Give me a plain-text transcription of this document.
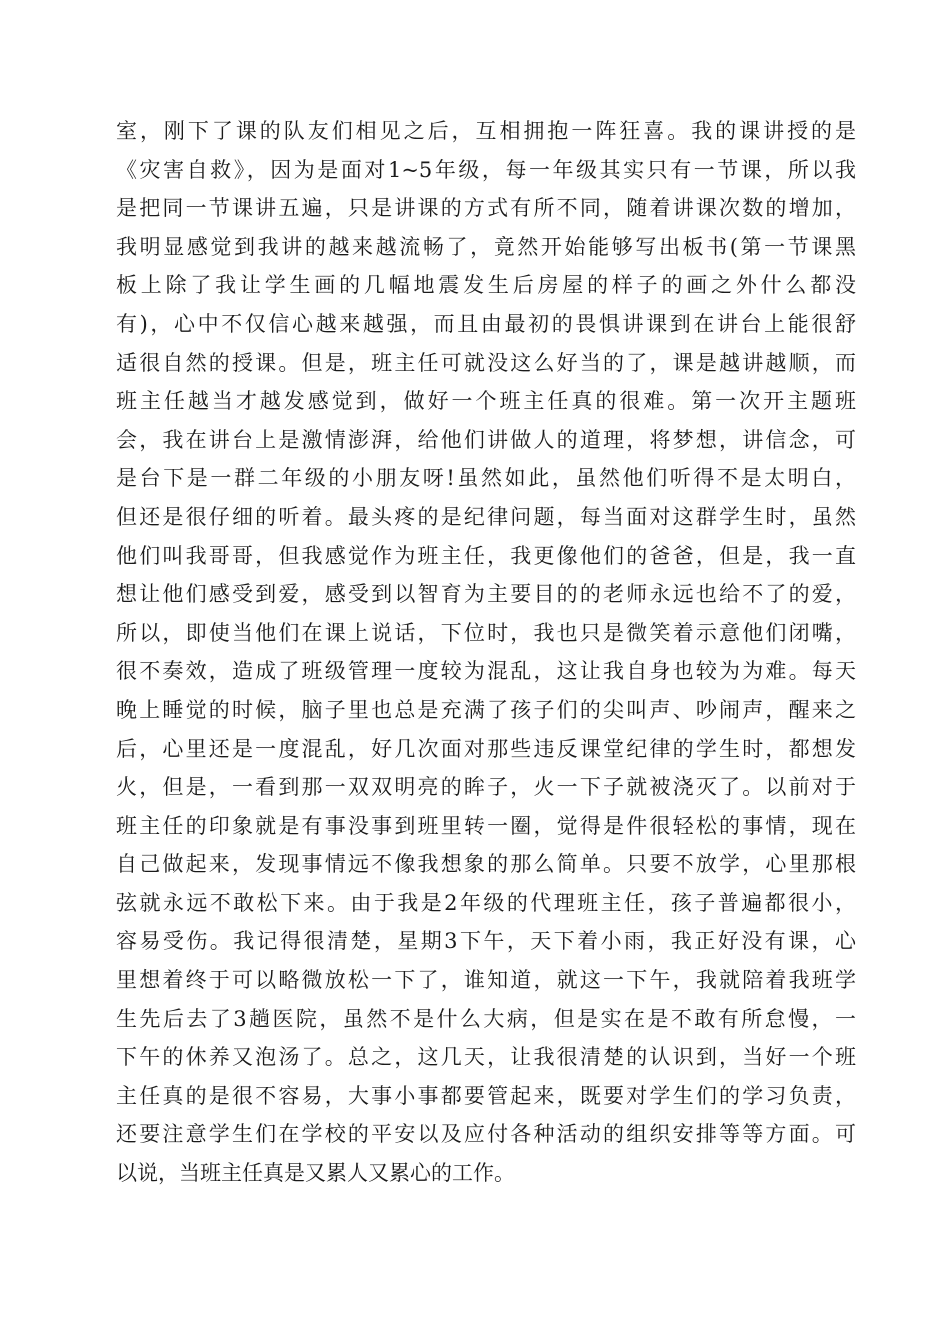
室，刚下了课的队友们相见之后，互相拥抱一阵狂喜。我的课讲授的是
《灾害自救》，因为是面对1~5年级，每一年级其实只有一节课，所以我
是把同一节课讲五遍，只是讲课的方式有所不同，随着讲课次数的增加，
我明显感觉到我讲的越来越流畅了，竟然开始能够写出板书(第一节课黑
板上除了我让学生画的几幅地震发生后房屋的样子的画之外什么都没
有)，心中不仅信心越来越强，而且由最初的畏惧讲课到在讲台上能很舒
适很自然的授课。但是，班主任可就没这么好当的了，课是越讲越顺，而
班主任越当才越发感觉到，做好一个班主任真的很难。第一次开主题班
会，我在讲台上是激情澎湃，给他们讲做人的道理，将梦想，讲信念，可
是台下是一群二年级的小朋友呀!虽然如此，虽然他们听得不是太明白，
但还是很仔细的听着。最头疼的是纪律问题，每当面对这群学生时，虽然
他们叫我哥哥，但我感觉作为班主任，我更像他们的爸爸，但是，我一直
想让他们感受到爱，感受到以智育为主要目的的老师永远也给不了的爱，
所以，即使当他们在课上说话，下位时，我也只是微笑着示意他们闭嘴，
很不奏效，造成了班级管理一度较为混乱，这让我自身也较为为难。每天
晚上睡觉的时候，脑子里也总是充满了孩子们的尖叫声、吵闹声，醒来之
后，心里还是一度混乱，好几次面对那些违反课堂纪律的学生时，都想发
火，但是，一看到那一双双明亮的眸子，火一下子就被浇灭了。以前对于
班主任的印象就是有事没事到班里转一圈，觉得是件很轻松的事情，现在
自己做起来，发现事情远不像我想象的那么简单。只要不放学，心里那根
弦就永远不敢松下来。由于我是2年级的代理班主任，孩子普遍都很小，
容易受伤。我记得很清楚，星期3下午，天下着小雨，我正好没有课，心
里想着终于可以略微放松一下了，谁知道，就这一下午，我就陪着我班学
生先后去了3趟医院，虽然不是什么大病，但是实在是不敢有所怠慢，一
下午的休养又泡汤了。总之，这几天，让我很清楚的认识到，当好一个班
主任真的是很不容易，大事小事都要管起来，既要对学生们的学习负责，
还要注意学生们在学校的平安以及应付各种活动的组织安排等等方面。可
以说，当班主任真是又累人又累心的工作。
